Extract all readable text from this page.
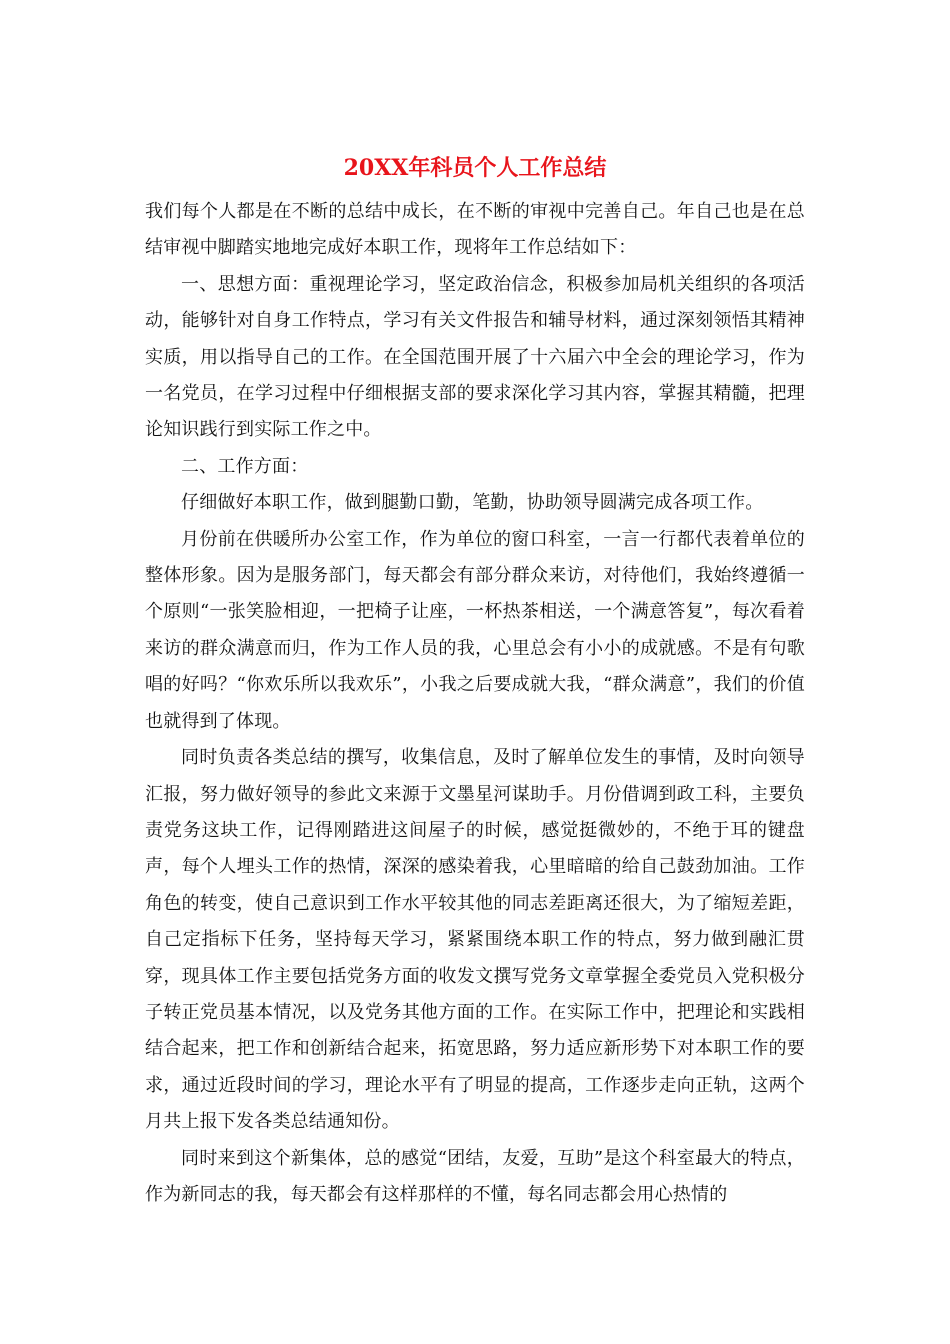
20XX年科员个人工作总结

我们每个人都是在不断的总结中成长，在不断的审视中完善自己。年自己也是在总结审视中脚踏实地地完成好本职工作，现将年工作总结如下：

一、思想方面：重视理论学习，坚定政治信念，积极参加局机关组织的各项活动，能够针对自身工作特点，学习有关文件报告和辅导材料，通过深刻领悟其精神实质，用以指导自己的工作。在全国范围开展了十六届六中全会的理论学习，作为一名党员，在学习过程中仔细根据支部的要求深化学习其内容，掌握其精髓，把理论知识践行到实际工作之中。

二、工作方面：

仔细做好本职工作，做到腿勤口勤，笔勤，协助领导圆满完成各项工作。

月份前在供暖所办公室工作，作为单位的窗口科室，一言一行都代表着单位的整体形象。因为是服务部门，每天都会有部分群众来访，对待他们，我始终遵循一个原则“一张笑脸相迎，一把椅子让座，一杯热茶相送，一个满意答复”，每次看着来访的群众满意而归，作为工作人员的我，心里总会有小小的成就感。不是有句歌唱的好吗？“你欢乐所以我欢乐”，小我之后要成就大我，“群众满意”，我们的价值也就得到了体现。

同时负责各类总结的撰写，收集信息，及时了解单位发生的事情，及时向领导汇报，努力做好领导的参此文来源于文墨星河谋助手。月份借调到政工科，主要负责党务这块工作，记得刚踏进这间屋子的时候，感觉挺微妙的，不绝于耳的键盘声，每个人埋头工作的热情，深深的感染着我，心里暗暗的给自己鼓劲加油。工作角色的转变，使自己意识到工作水平较其他的同志差距离还很大，为了缩短差距，自己定指标下任务，坚持每天学习，紧紧围绕本职工作的特点，努力做到融汇贯穿，现具体工作主要包括党务方面的收发文撰写党务文章掌握全委党员入党积极分子转正党员基本情况，以及党务其他方面的工作。在实际工作中，把理论和实践相结合起来，把工作和创新结合起来，拓宽思路，努力适应新形势下对本职工作的要求，通过近段时间的学习，理论水平有了明显的提高，工作逐步走向正轨，这两个月共上报下发各类总结通知份。

同时来到这个新集体，总的感觉“团结，友爱，互助”是这个科室最大的特点，作为新同志的我，每天都会有这样那样的不懂，每名同志都会用心热情的
